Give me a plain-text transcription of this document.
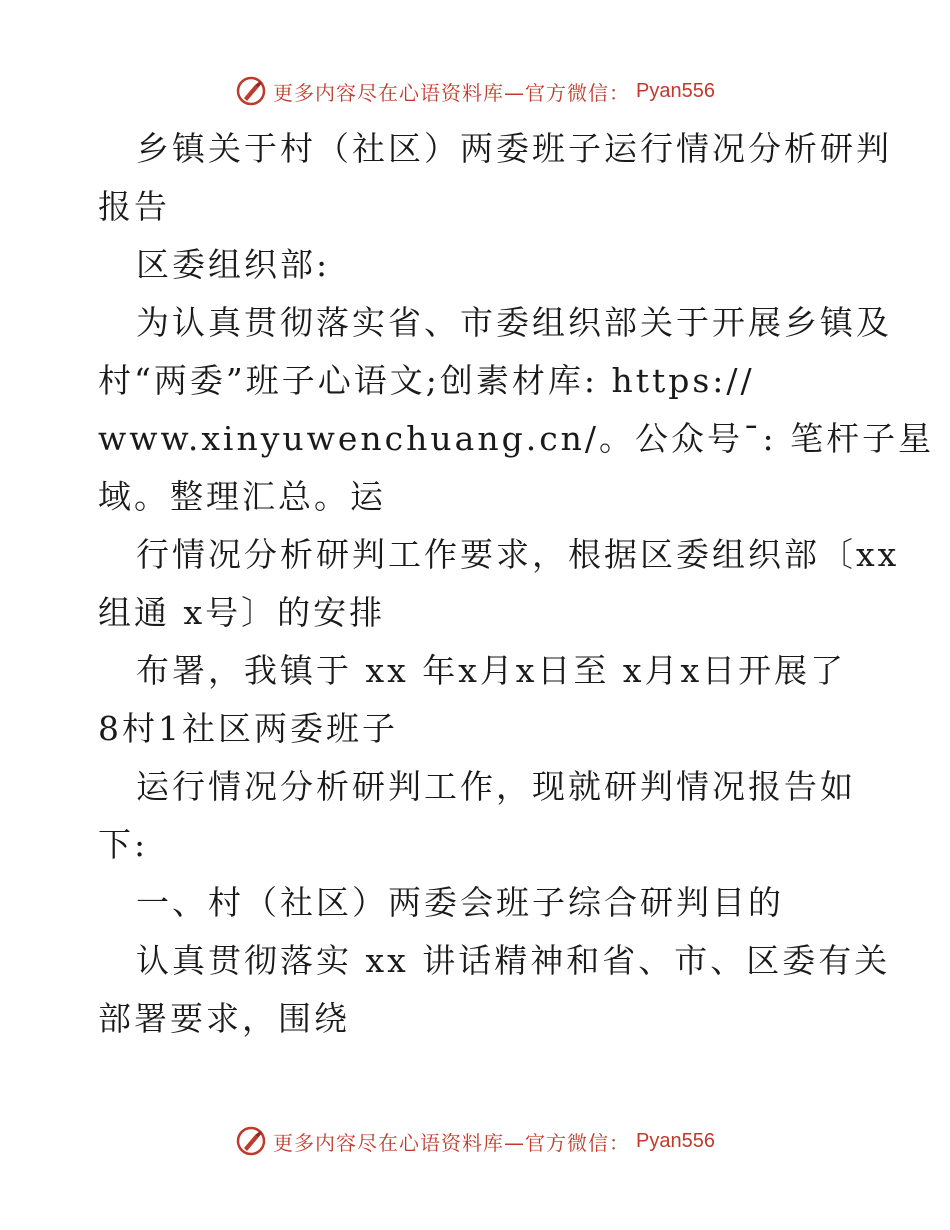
更多内容尽在心语资料库—官方微信： Pyan556
乡镇关于村（社区）两委班子运行情况分析研判
报告
区委组织部:
为认真贯彻落实省、市委组织部关于开展乡镇及
村“两委”班子心语文;创素材库: https://
www.xinyuwenchuang.cn/。公众号¯: 笔杆子星
域。整理汇总。运
行情况分析研判工作要求，根据区委组织部〔xx
组通 x号〕的安排
布署，我镇于 xx 年x月x日至 x月x日开展了
8村1社区两委班子
运行情况分析研判工作，现就研判情况报告如
下:
一、村（社区）两委会班子综合研判目的
认真贯彻落实 xx 讲话精神和省、市、区委有关
部署要求，围绕
更多内容尽在心语资料库—官方微信： Pyan556
